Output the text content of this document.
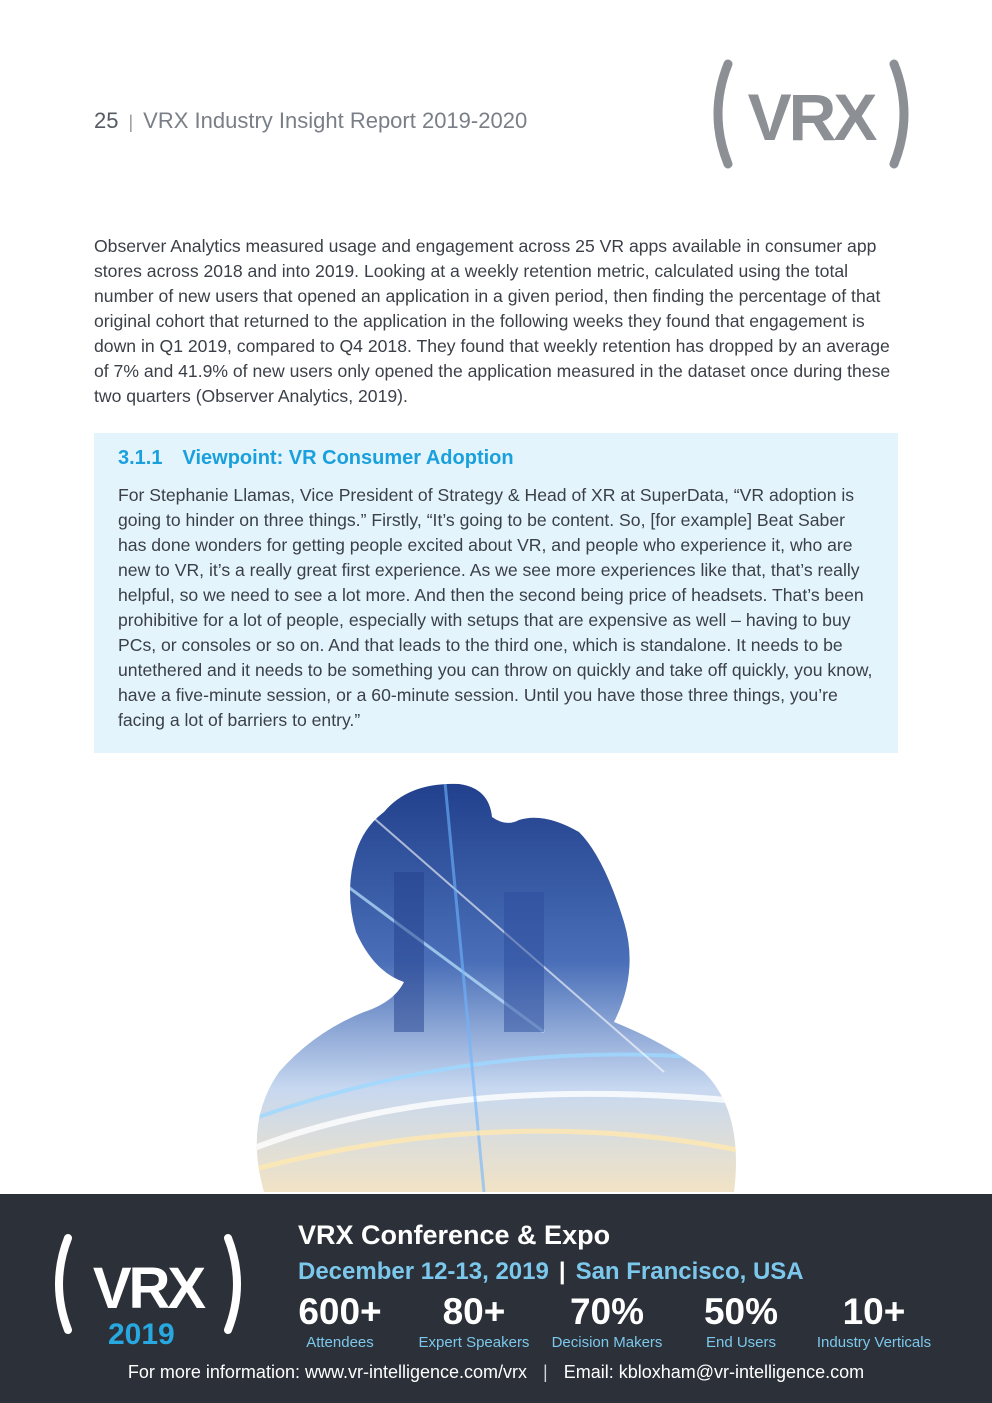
25 | VRX Industry Insight Report 2019-2020	VRX
Observer Analytics measured usage and engagement across 25 VR apps available in consumer app stores across 2018 and into 2019. Looking at a weekly retention metric, calculated using the total number of new users that opened an application in a given period, then finding the percentage of that original cohort that returned to the application in the following weeks they found that engagement is down in Q1 2019, compared to Q4 2018. They found that weekly retention has dropped by an average of 7% and 41.9% of new users only opened the application measured in the dataset once during these two quarters (Observer Analytics, 2019).
3.1.1 Viewpoint: VR Consumer Adoption

For Stephanie Llamas, Vice President of Strategy & Head of XR at SuperData, “VR adoption is going to hinder on three things.” Firstly, “It’s going to be content. So, [for example] Beat Saber has done wonders for getting people excited about VR, and people who experience it, who are new to VR, it’s a really great first experience. As we see more experiences like that, that’s really helpful, so we need to see a lot more. And then the second being price of headsets. That’s been prohibitive for a lot of people, especially with setups that are expensive as well – having to buy PCs, or consoles or so on. And that leads to the third one, which is standalone. It needs to be untethered and it needs to be something you can throw on quickly and take off quickly, you know, have a five-minute session, or a 60-minute session. Until you have those three things, you’re facing a lot of barriers to entry.”

VRX
2019
VRX Conference & Expo
December 12-13, 2019 | San Francisco, USA
600+
Attendees
80+
Expert Speakers
70%
Decision Makers
50%
End Users
10+
Industry Verticals
For more information: www.vr-intelligence.com/vrx | Email: kbloxham@vr-intelligence.com
